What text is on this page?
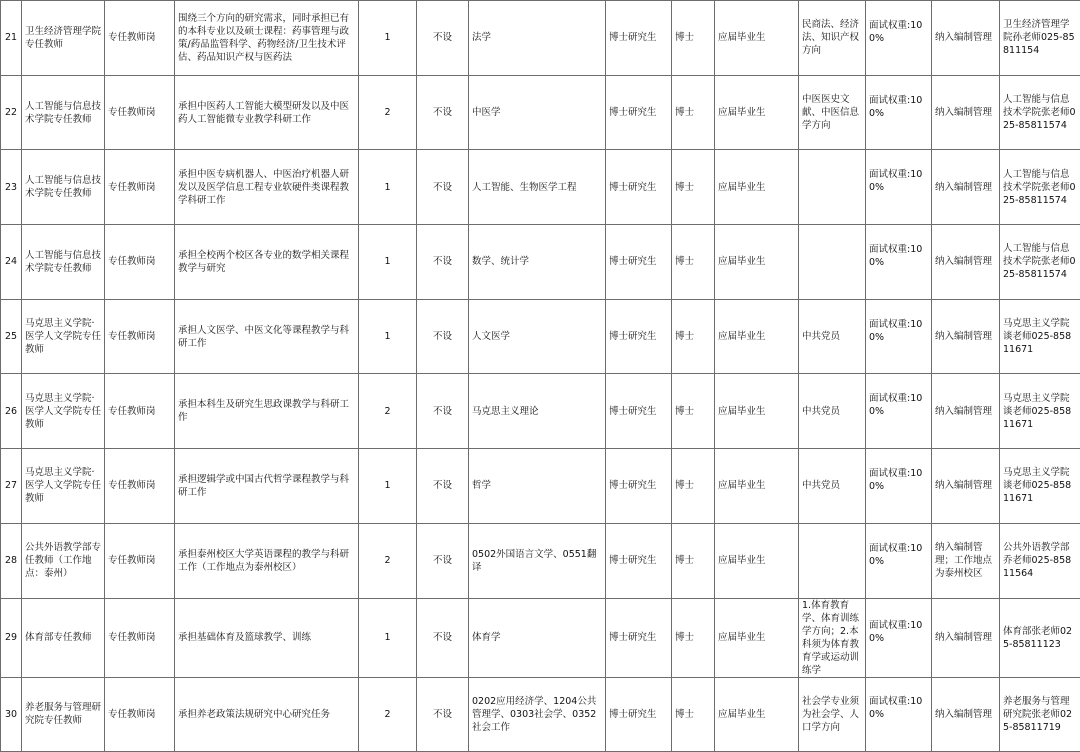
21	卫生经济管理学院专任教师	专任教师岗	围绕三个方向的研究需求，同时承担已有的本科专业以及硕士课程：药事管理与政策/药品监管科学、药物经济/卫生技术评估、药品知识产权与医药法	1	不设	法学	博士研究生	博士	应届毕业生	民商法、经济法、知识产权方向	面试权重:100%	纳入编制管理	卫生经济管理学院孙老师025-85811154
22	人工智能与信息技术学院专任教师	专任教师岗	承担中医药人工智能大模型研发以及中医药人工智能微专业教学科研工作	2	不设	中医学	博士研究生	博士	应届毕业生	中医医史文献、中医信息学方向	面试权重:100%	纳入编制管理	人工智能与信息技术学院张老师025-85811574
23	人工智能与信息技术学院专任教师	专任教师岗	承担中医专病机器人、中医治疗机器人研发以及医学信息工程专业软硬件类课程教学科研工作	1	不设	人工智能、生物医学工程	博士研究生	博士	应届毕业生		面试权重:100%	纳入编制管理	人工智能与信息技术学院张老师025-85811574
24	人工智能与信息技术学院专任教师	专任教师岗	承担全校两个校区各专业的数学相关课程教学与研究	1	不设	数学、统计学	博士研究生	博士	应届毕业生		面试权重:100%	纳入编制管理	人工智能与信息技术学院张老师025-85811574
25	马克思主义学院·医学人文学院专任教师	专任教师岗	承担人文医学、中医文化等课程教学与科研工作	1	不设	人文医学	博士研究生	博士	应届毕业生	中共党员	面试权重:100%	纳入编制管理	马克思主义学院谈老师025-85811671
26	马克思主义学院·医学人文学院专任教师	专任教师岗	承担本科生及研究生思政课教学与科研工作	2	不设	马克思主义理论	博士研究生	博士	应届毕业生	中共党员	面试权重:100%	纳入编制管理	马克思主义学院谈老师025-85811671
27	马克思主义学院·医学人文学院专任教师	专任教师岗	承担逻辑学或中国古代哲学课程教学与科研工作	1	不设	哲学	博士研究生	博士	应届毕业生	中共党员	面试权重:100%	纳入编制管理	马克思主义学院谈老师025-85811671
28	公共外语教学部专任教师（工作地点：泰州）	专任教师岗	承担泰州校区大学英语课程的教学与科研工作（工作地点为泰州校区）	2	不设	0502外国语言文学、0551翻译	博士研究生	博士	应届毕业生		面试权重:100%	纳入编制管理；工作地点为泰州校区	公共外语教学部乔老师025-85811564
29	体育部专任教师	专任教师岗	承担基础体育及篮球教学、训练	1	不设	体育学	博士研究生	博士	应届毕业生	1.体育教育学、体育训练学方向；2.本科须为体育教育学或运动训练学	面试权重:100%	纳入编制管理	体育部张老师025-85811123
30	养老服务与管理研究院专任教师	专任教师岗	承担养老政策法规研究中心研究任务	2	不设	0202应用经济学、1204公共管理学、0303社会学、0352社会工作	博士研究生	博士	应届毕业生	社会学专业须为社会学、人口学方向	面试权重:100%	纳入编制管理	养老服务与管理研究院张老师025-85811719
